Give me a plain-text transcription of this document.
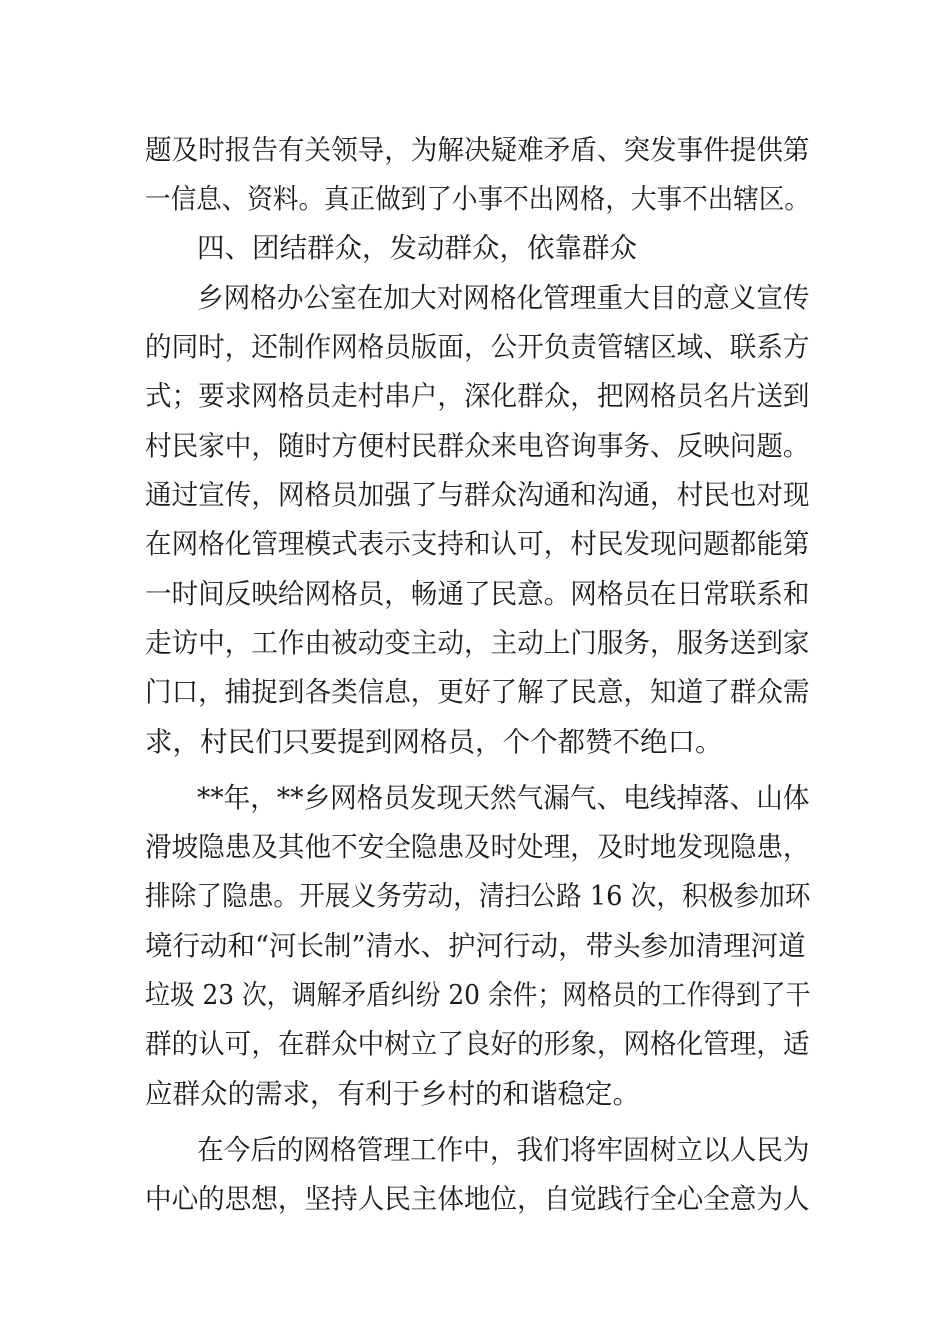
题及时报告有关领导，为解决疑难矛盾、突发事件提供第
一信息、资料。真正做到了小事不出网格，大事不出辖区。
四、团结群众，发动群众，依靠群众
乡网格办公室在加大对网格化管理重大目的意义宣传
的同时，还制作网格员版面，公开负责管辖区域、联系方
式；要求网格员走村串户，深化群众，把网格员名片送到
村民家中，随时方便村民群众来电咨询事务、反映问题。
通过宣传，网格员加强了与群众沟通和沟通，村民也对现
在网格化管理模式表示支持和认可，村民发现问题都能第
一时间反映给网格员，畅通了民意。网格员在日常联系和
走访中，工作由被动变主动，主动上门服务，服务送到家
门口，捕捉到各类信息，更好了解了民意，知道了群众需
求，村民们只要提到网格员，个个都赞不绝口。
**年，**乡网格员发现天然气漏气、电线掉落、山体
滑坡隐患及其他不安全隐患及时处理，及时地发现隐患，
排除了隐患。开展义务劳动，清扫公路 16 次，积极参加环
境行动和“河长制”清水、护河行动，带头参加清理河道
垃圾 23 次，调解矛盾纠纷 20 余件；网格员的工作得到了干
群的认可，在群众中树立了良好的形象，网格化管理，适
应群众的需求，有利于乡村的和谐稳定。
在今后的网格管理工作中，我们将牢固树立以人民为
中心的思想，坚持人民主体地位，自觉践行全心全意为人
